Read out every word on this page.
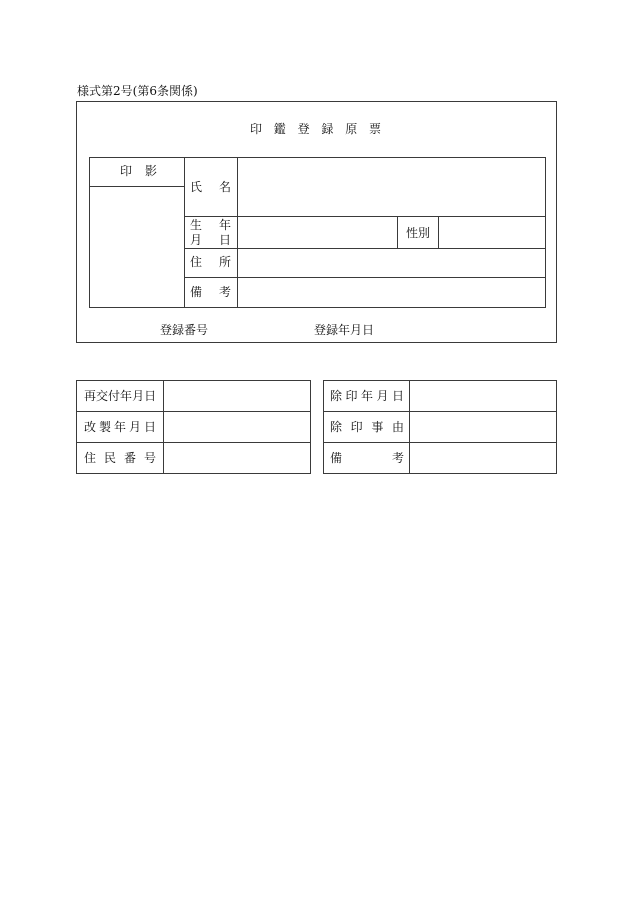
様式第2号(第6条関係)
印 鑑 登 録 原 票
印 影
氏 名
性別
生 年
月 日
住 所
備 考
登録番号	登録年月日
再 交 付 年 月 日
改 製 年 月 日
住 民 番 号
除 印 年 月 日
除 印 事 由
備	考
